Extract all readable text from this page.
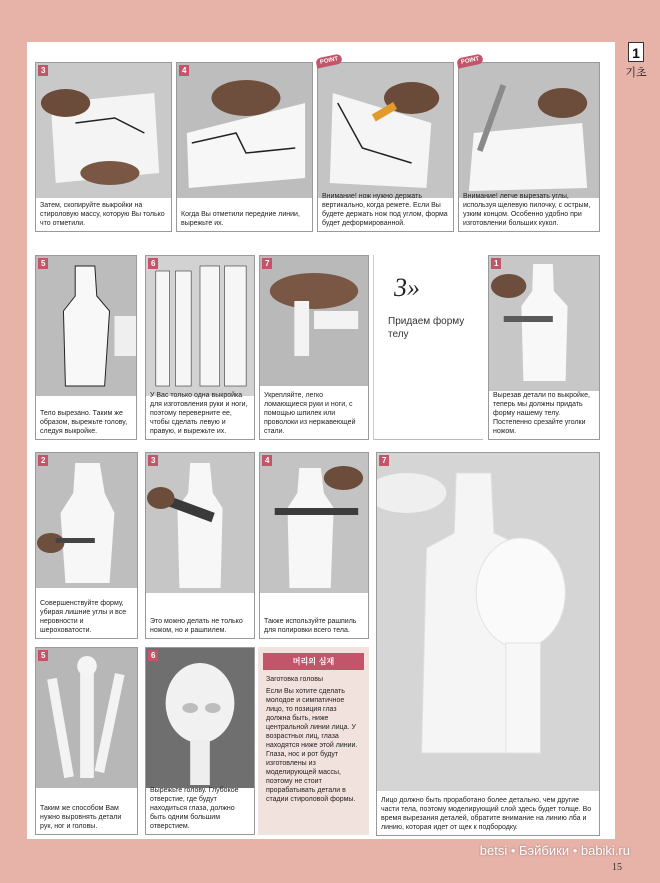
1
기초
3
Затем, скопируйте выкройки на стироловую массу, которую Вы только что отметили.
4
Когда Вы отметили передние линии, вырежьте их.
POINT
Внимание! нож нужно держать вертикально, когда режете. Если Вы будете держать нож под углом, форма будет деформированной.
POINT
Внимание! легче вырезать углы, используя щелевую пилочку, с острым, узким концом. Особенно удобно при изготовлении больших кукол.
5
Тело вырезано. Таким же образом, вырежьте голову, следуя выкройке.
6
У Вас только одна выкройка для изготовления руки и ноги, поэтому переверните ее, чтобы сделать левую и правую, и вырежьте их.
7
Укрепляйте, легко ломающиеся руки и ноги, с помощью шпилек или проволоки из нержавеющей стали.
3»
Придаем форму телу
1
Вырезав детали по выкройке, теперь мы должны придать форму нашему телу. Постепенно срезайте уголки ножом.
2
Совершенствуйте форму, убирая лишние углы и все неровности и шероховатости.
3
Это можно делать не только ножом, но и рашпилем.
4
Также используйте рашпиль для полировки всего тела.
7
Лицо должно быть проработано более детально, чем другие части тела, поэтому моделирующий слой здесь будет толще. Во время вырезания деталей, обратите внимание на линию лба и линию, которая идет от щек к подбородку.
5
Таким же способом Вам нужно выровнять детали рук, ног и головы.
6
Вырежьте голову. Глубокое отверстие, где будут находиться глаза, должно быть одним большим отверстием.
머리의 심재
Заготовка головы
Если Вы хотите сделать молодое и симпатичное лицо, то позиция глаз должна быть, ниже центральной линии лица. У возрастных лиц, глаза находятся ниже этой линии. Глаза, нос и рот будут изготовлены из моделирующей массы, поэтому не стоит прорабатывать детали в стадии стироловой формы.
betsi • Бэйбики • babiki.ru
15
